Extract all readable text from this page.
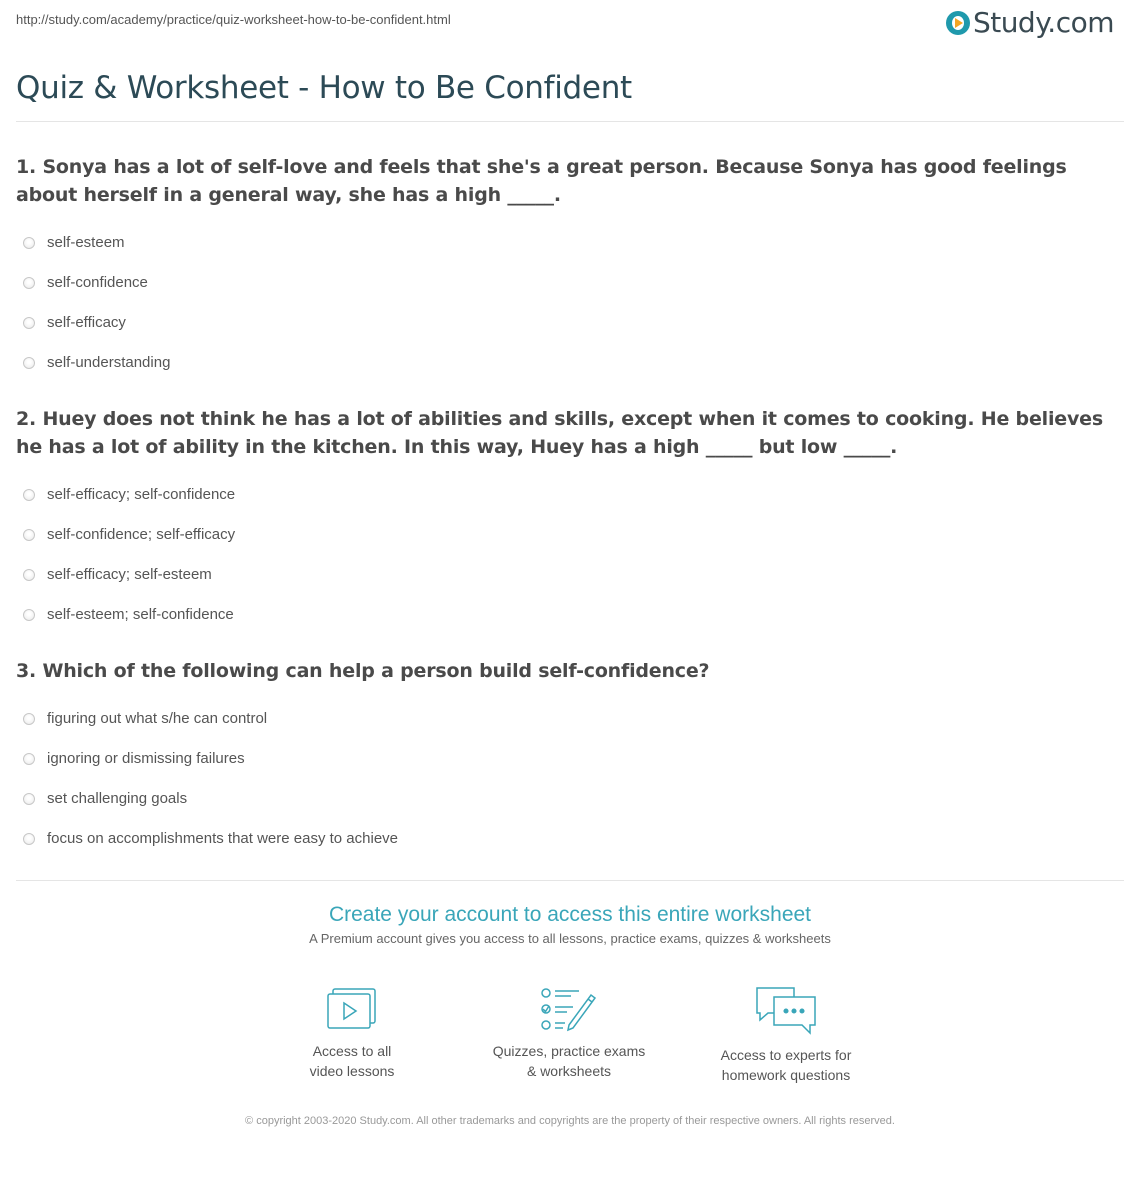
http://study.com/academy/practice/quiz-worksheet-how-to-be-confident.html	Study.com
Quiz & Worksheet - How to Be Confident
1. Sonya has a lot of self-love and feels that she's a great person. Because Sonya has good feelings about herself in a general way, she has a high _____.
self-esteem
self-confidence
self-efficacy
self-understanding
2. Huey does not think he has a lot of abilities and skills, except when it comes to cooking. He believes he has a lot of ability in the kitchen. In this way, Huey has a high _____ but low _____.
self-efficacy; self-confidence
self-confidence; self-efficacy
self-efficacy; self-esteem
self-esteem; self-confidence
3. Which of the following can help a person build self-confidence?
figuring out what s/he can control
ignoring or dismissing failures
set challenging goals
focus on accomplishments that were easy to achieve
Create your account to access this entire worksheet
A Premium account gives you access to all lessons, practice exams, quizzes & worksheets
Access to all
video lessons
Quizzes, practice exams
& worksheets
Access to experts for
homework questions
© copyright 2003-2020 Study.com. All other trademarks and copyrights are the property of their respective owners. All rights reserved.
